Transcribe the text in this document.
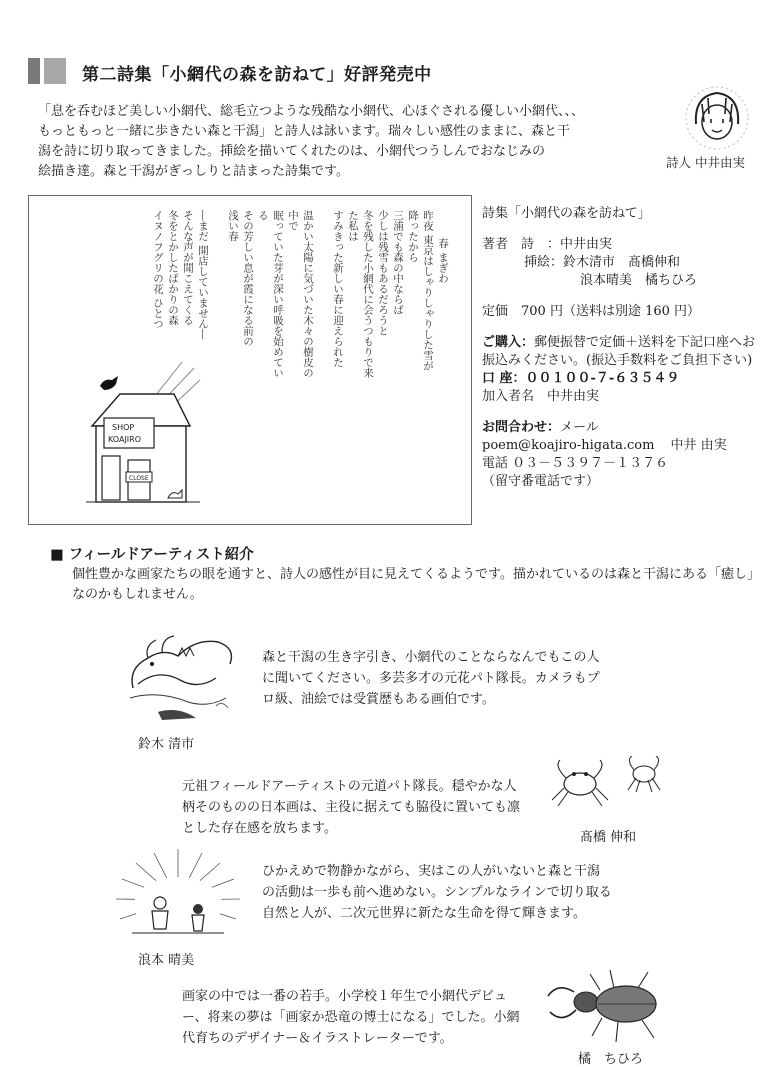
第二詩集「小網代の森を訪ねて」好評発売中
「息を呑むほど美しい小網代、総毛立つような残酷な小網代、心ほぐされる優しい小網代、、、
もっともっと一緒に歩きたい森と干潟」と詩人は詠います。瑞々しい感性のままに、森と干
潟を詩に切り取ってきました。挿絵を描いてくれたのは、小網代つうしんでおなじみの
絵描き達。森と干潟がぎっしりと詰まった詩集です。
詩人 中井由実
春 まぎわ
昨夜 東京はしゃりしゃりした雪が降ったから
三浦でも森の中ならば
少しは残雪もあるだろうと
冬を残した小網代に会うつもりで来た私は
すみきった新しい春に迎えられた
温かい太陽に気づいた木々の樹皮の中で
眠っていた芽が深い呼吸を始めている
その芳しい息が霞になる前の
浅い春
―まだ 開店していません―
そんな声が聞こえてくる
冬をとかしたばかりの森
イヌノフグリの花 ひとつ
SHOP
KOAJIRO
CLOSE
詩集「小網代の森を訪ねて」
著者　詩　：中井由実
挿絵：鈴木清市　髙橋伸和
浪本晴美　橘ちひろ
定価　700 円（送料は別途 160 円）
ご購入：郵便振替で定価＋送料を下記口座へお振込みください。(振込手数料をご負担下さい)
口 座：００１００‐７‐６３５４９
加入者名　中井由実
お問合わせ：メール
poem@koajiro-higata.com 中井 由実
電話 ０３－５３９７－１３７６
（留守番電話です）
■ フィールドアーティスト紹介
個性豊かな画家たちの眼を通すと、詩人の感性が目に見えてくるようです。描かれているのは森と干潟にある「癒し」なのかもしれません。
鈴木 清市
森と干潟の生き字引き、小網代のことならなんでもこの人に聞いてください。多芸多才の元花パト隊長。カメラもプロ級、油絵では受賞歴もある画伯です。
元祖フィールドアーティストの元道パト隊長。穏やかな人柄そのものの日本画は、主役に据えても脇役に置いても凛とした存在感を放ちます。
髙橋 伸和
浪本 晴美
ひかえめで物静かながら、実はこの人がいないと森と干潟の活動は一歩も前へ進めない。シンプルなラインで切り取る自然と人が、二次元世界に新たな生命を得て輝きます。
画家の中では一番の若手。小学校１年生で小網代デビュー、将来の夢は「画家か恐竜の博士になる」でした。小網代育ちのデザイナー＆イラストレーターです。
橘　ちひろ
